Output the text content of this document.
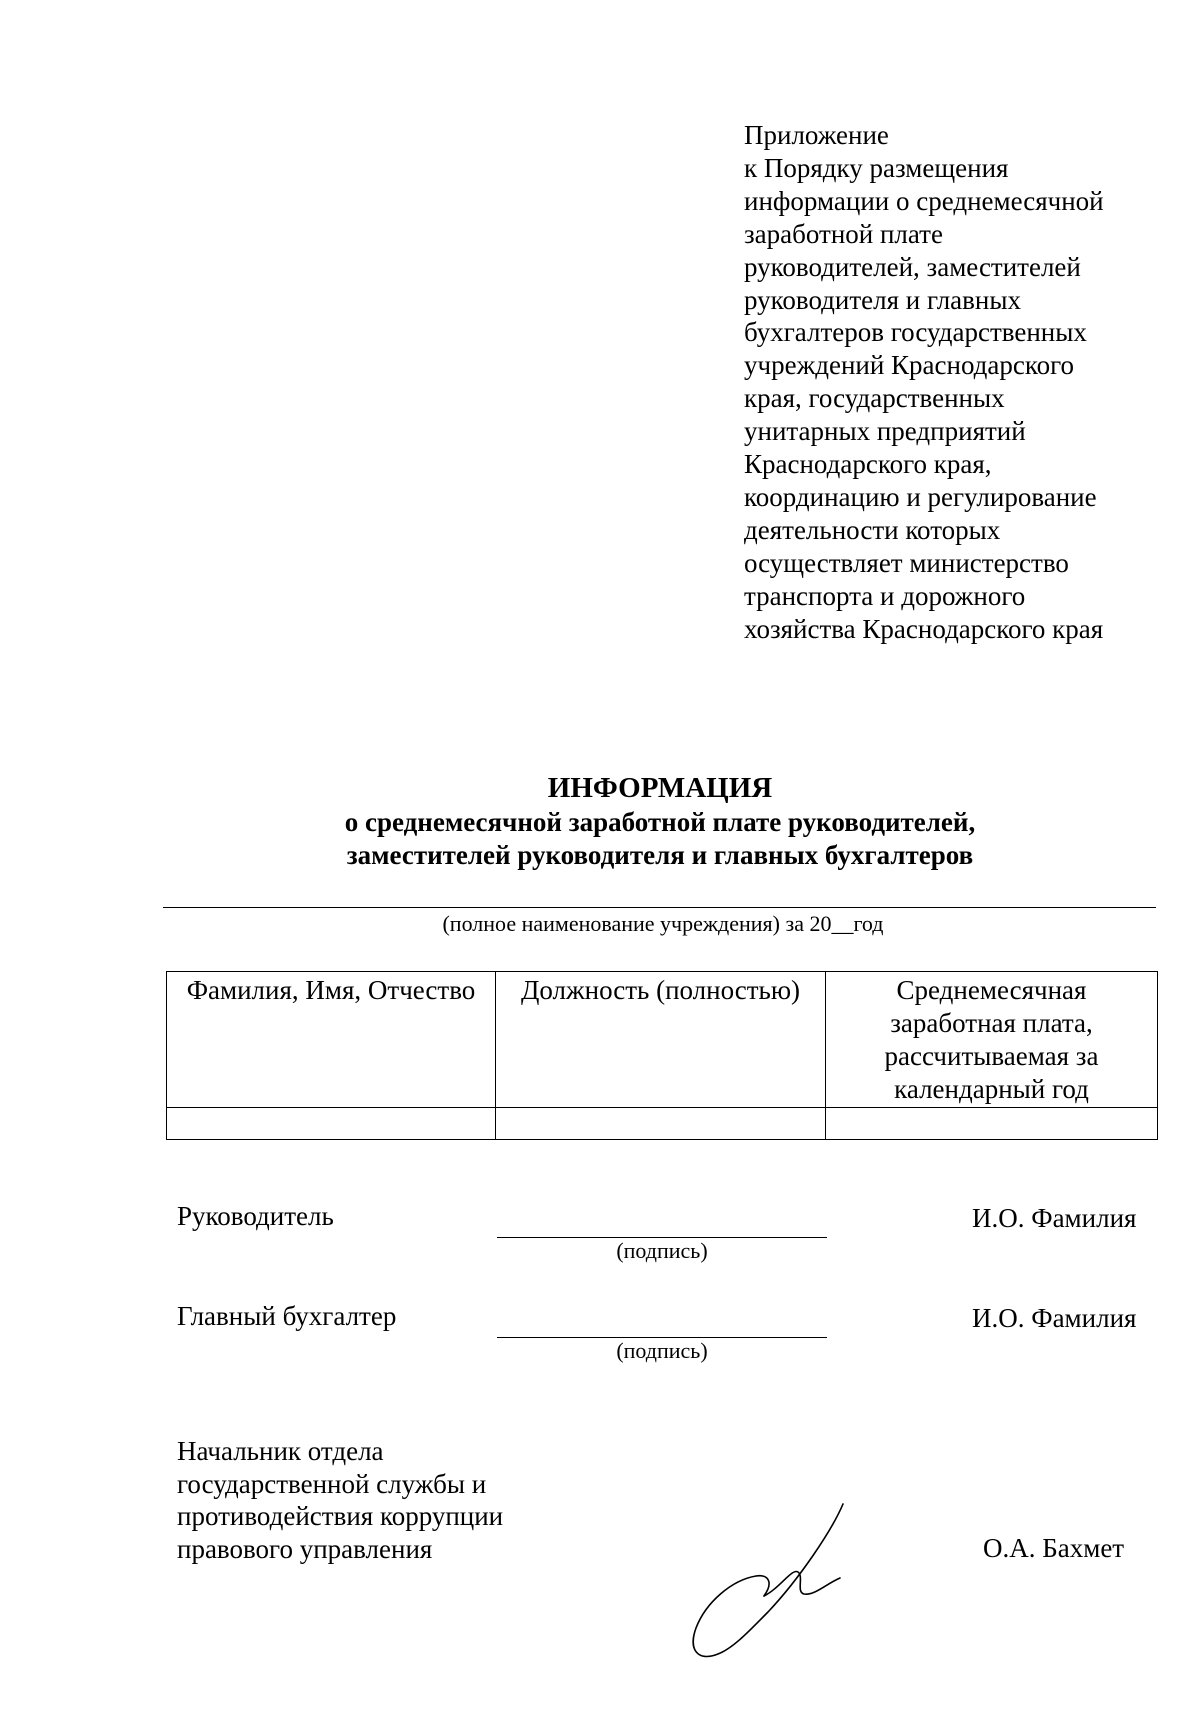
Приложение
к Порядку размещения
информации о среднемесячной
заработной плате
руководителей, заместителей
руководителя и главных
бухгалтеров государственных
учреждений Краснодарского
края, государственных
унитарных предприятий
Краснодарского края,
координацию и регулирование
деятельности которых
осуществляет министерство
транспорта и дорожного
хозяйства Краснодарского края
ИНФОРМАЦИЯ
о среднемесячной заработной плате руководителей,
заместителей руководителя и главных бухгалтеров
(полное наименование учреждения) за 20__год
Фамилия, Имя, Отчество	Должность (полностью)	Среднемесячная
заработная плата,
рассчитываемая за
календарный год

Руководитель
(подпись)
И.О. Фамилия
Главный бухгалтер
(подпись)
И.О. Фамилия
Начальник отдела
государственной службы и
противодействия коррупции
правового управления	О.А. Бахмет
